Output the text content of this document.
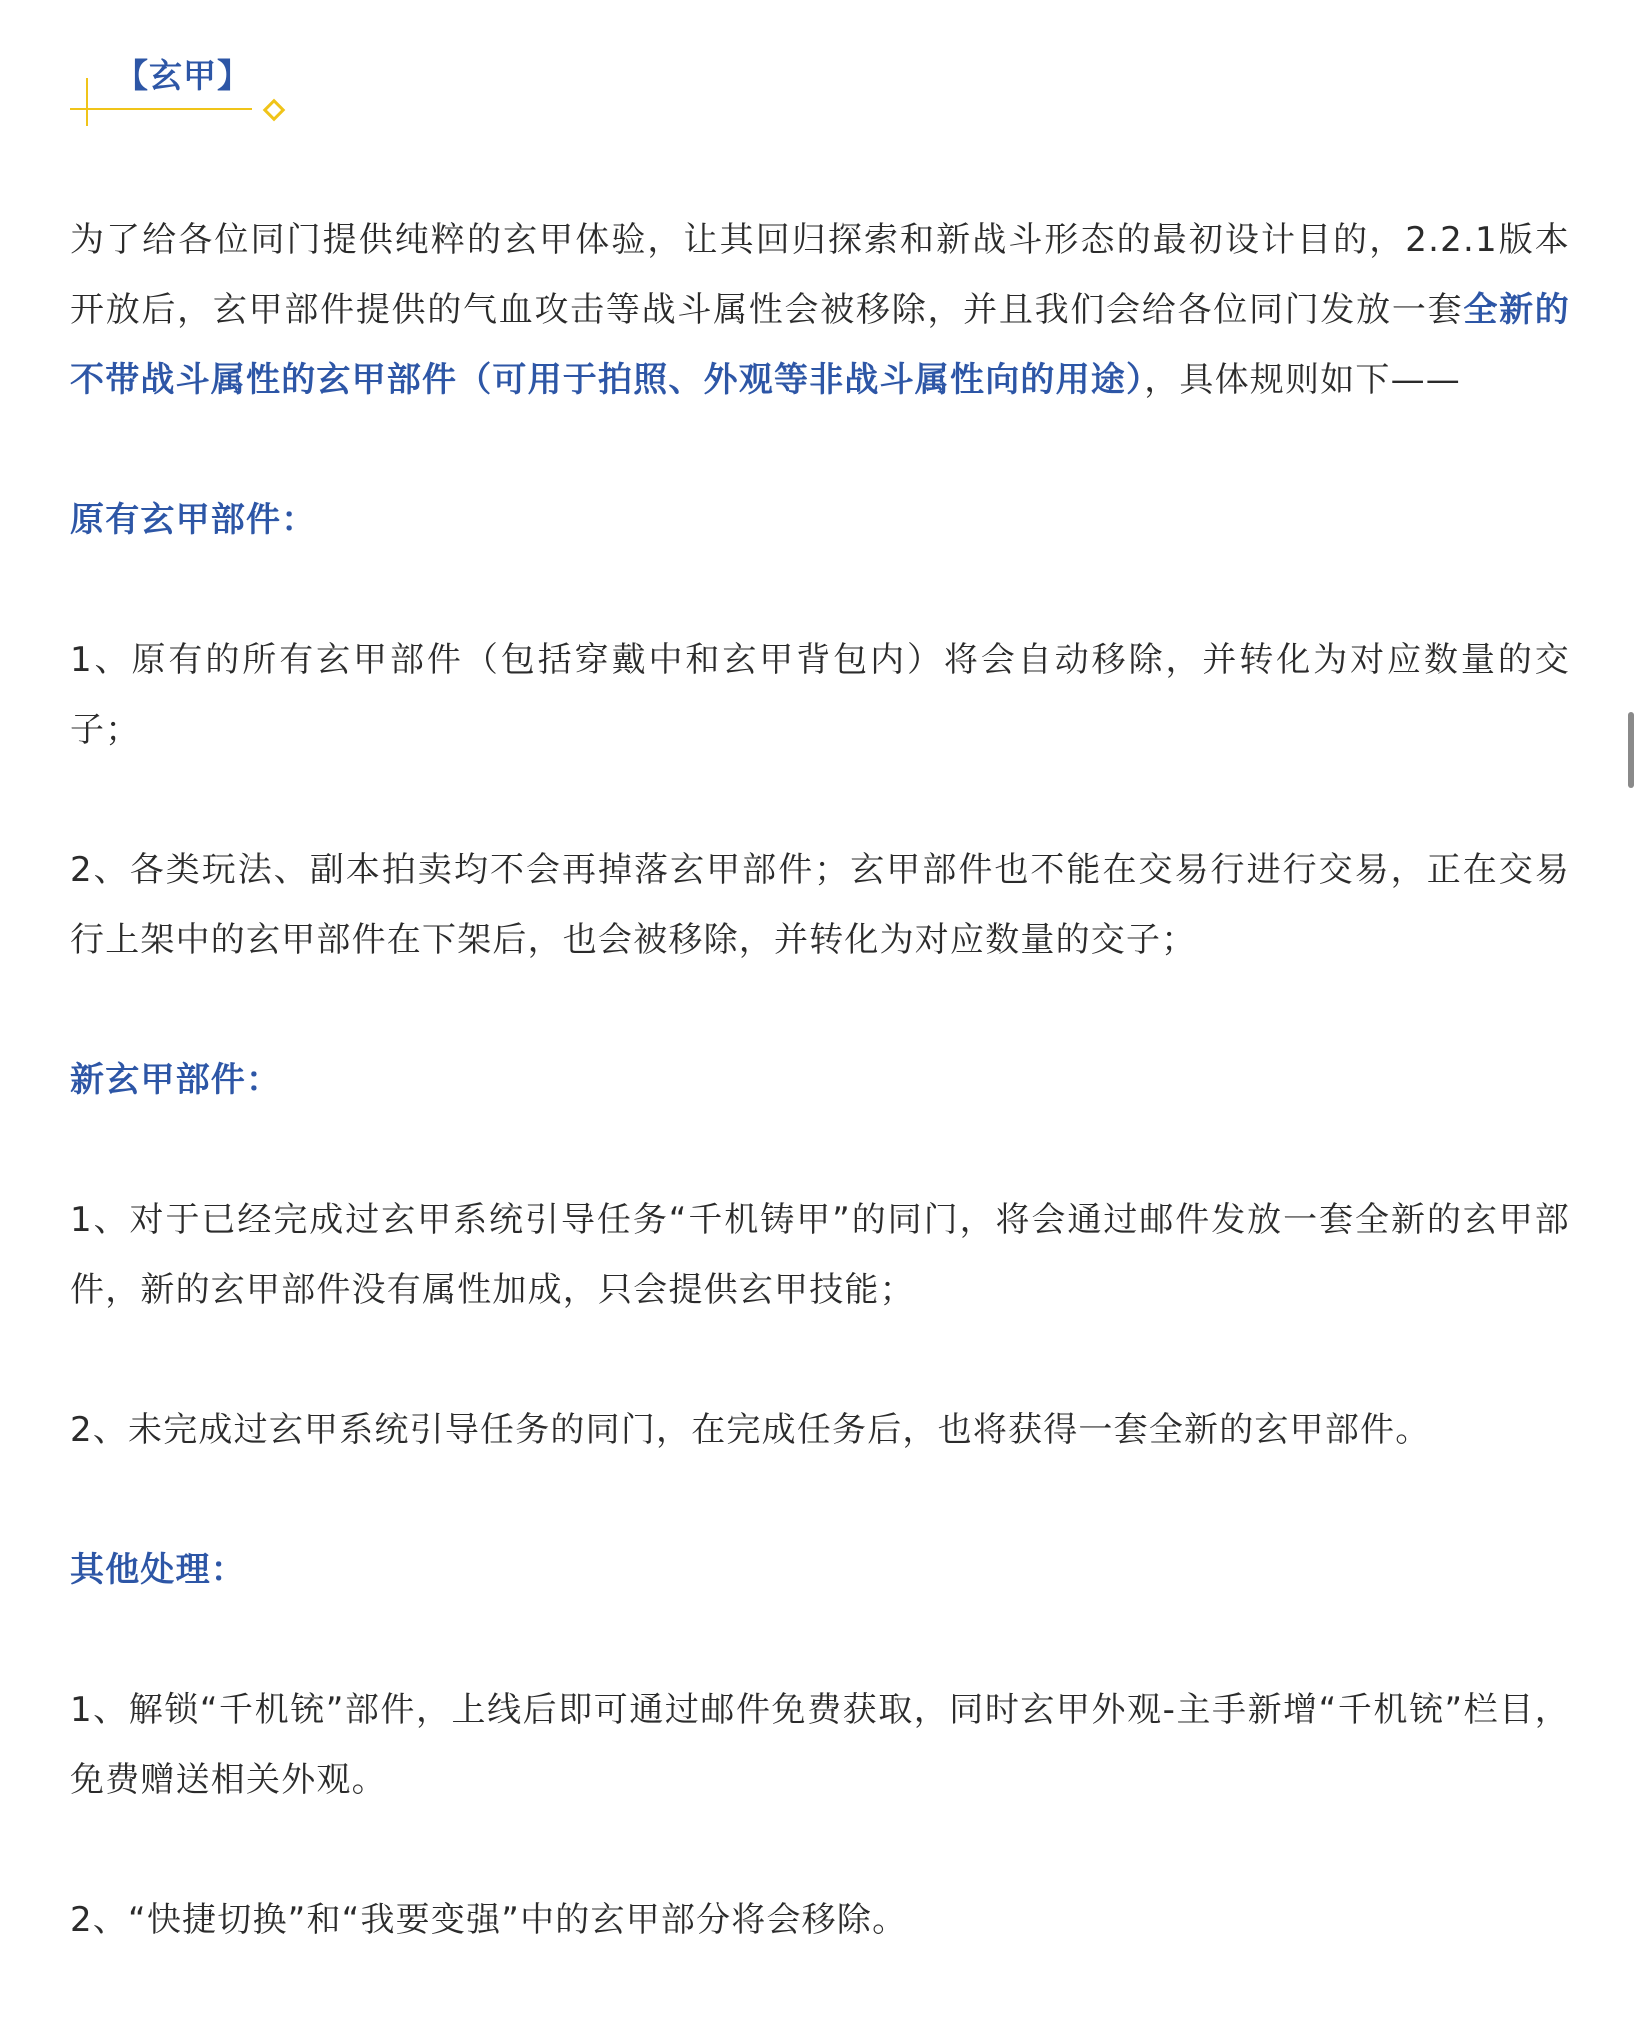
【玄甲】

为了给各位同门提供纯粹的玄甲体验，让其回归探索和新战斗形态的最初设计目的，2.2.1版本开放后，玄甲部件提供的气血攻击等战斗属性会被移除，并且我们会给各位同门发放一套全新的不带战斗属性的玄甲部件（可用于拍照、外观等非战斗属性向的用途），具体规则如下——

原有玄甲部件：

1、原有的所有玄甲部件（包括穿戴中和玄甲背包内）将会自动移除，并转化为对应数量的交子；

2、各类玩法、副本拍卖均不会再掉落玄甲部件；玄甲部件也不能在交易行进行交易，正在交易行上架中的玄甲部件在下架后，也会被移除，并转化为对应数量的交子；

新玄甲部件：

1、对于已经完成过玄甲系统引导任务“千机铸甲”的同门，将会通过邮件发放一套全新的玄甲部件，新的玄甲部件没有属性加成，只会提供玄甲技能；

2、未完成过玄甲系统引导任务的同门，在完成任务后，也将获得一套全新的玄甲部件。

其他处理：

1、解锁“千机铳”部件，上线后即可通过邮件免费获取，同时玄甲外观-主手新增“千机铳”栏目，免费赠送相关外观。

2、“快捷切换”和“我要变强”中的玄甲部分将会移除。
